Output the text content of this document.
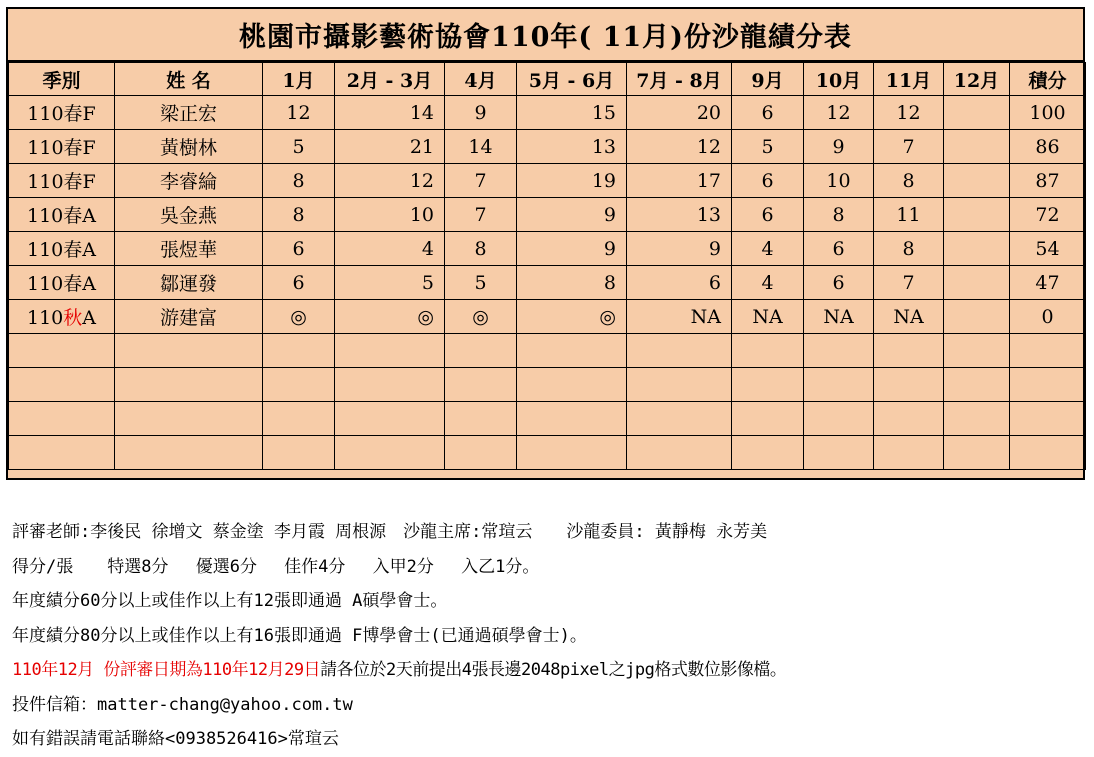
桃園市攝影藝術協會110年( 11月)份沙龍績分表
季別	姓 名	1月	2月 - 3月	4月	5月 - 6月	7月 - 8月	9月	10月	11月	12月	積分
110春F	梁正宏	12	14	9	15	20	6	12	12		100
110春F	黃樹林	5	21	14	13	12	5	9	7		86
110春F	李睿綸	8	12	7	19	17	6	10	8		87
110春A	吳金燕	8	10	7	9	13	6	8	11		72
110春A	張煜華	6	4	8	9	9	4	6	8		54
110春A	鄒運發	6	5	5	8	6	4	6	7		47
110秋A	游建富	◎	◎	◎	◎	NA	NA	NA	NA		0

評審老師:李後民 徐增文 蔡金塗 李月霞 周根源　沙龍主席:常瑄云　　沙龍委員: 黃靜梅 永芳美
得分/張　　特選8分　 優選6分　 佳作4分　 入甲2分　 入乙1分。
年度績分60分以上或佳作以上有12張即通過 A碩學會士。
年度績分80分以上或佳作以上有16張即通過 F博學會士(已通過碩學會士)。
110年12月 份評審日期為110年12月29日請各位於2天前提出4張長邊2048pixel之jpg格式數位影像檔。
投件信箱：matter-chang@yahoo.com.tw
如有錯誤請電話聯絡<0938526416>常瑄云
